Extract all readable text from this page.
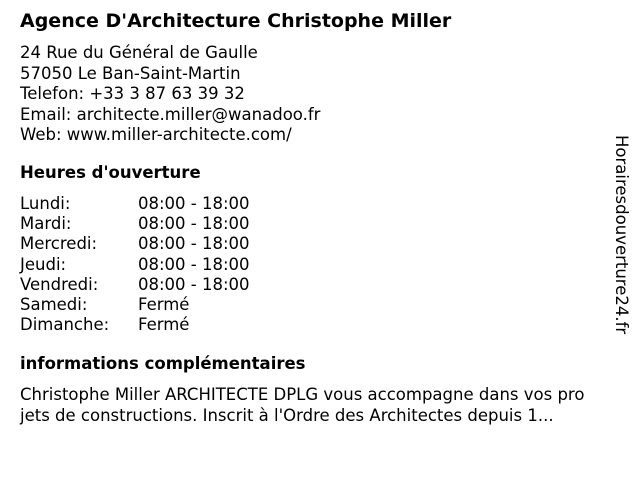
Agence D'Architecture Christophe Miller
24 Rue du Général de Gaulle
57050 Le Ban-Saint-Martin
Telefon: +33 3 87 63 39 32
Email: architecte.miller@wanadoo.fr
Web: www.miller-architecte.com/
Heures d'ouverture
Lundi:	08:00 - 18:00
Mardi:	08:00 - 18:00
Mercredi:	08:00 - 18:00
Jeudi:	08:00 - 18:00
Vendredi:	08:00 - 18:00
Samedi:	Fermé
Dimanche:	Fermé
informations complémentaires
Christophe Miller ARCHITECTE DPLG vous accompagne dans vos pro
jets de constructions. Inscrit à l'Ordre des Architectes depuis 1...
Horairesdouverture24.fr
